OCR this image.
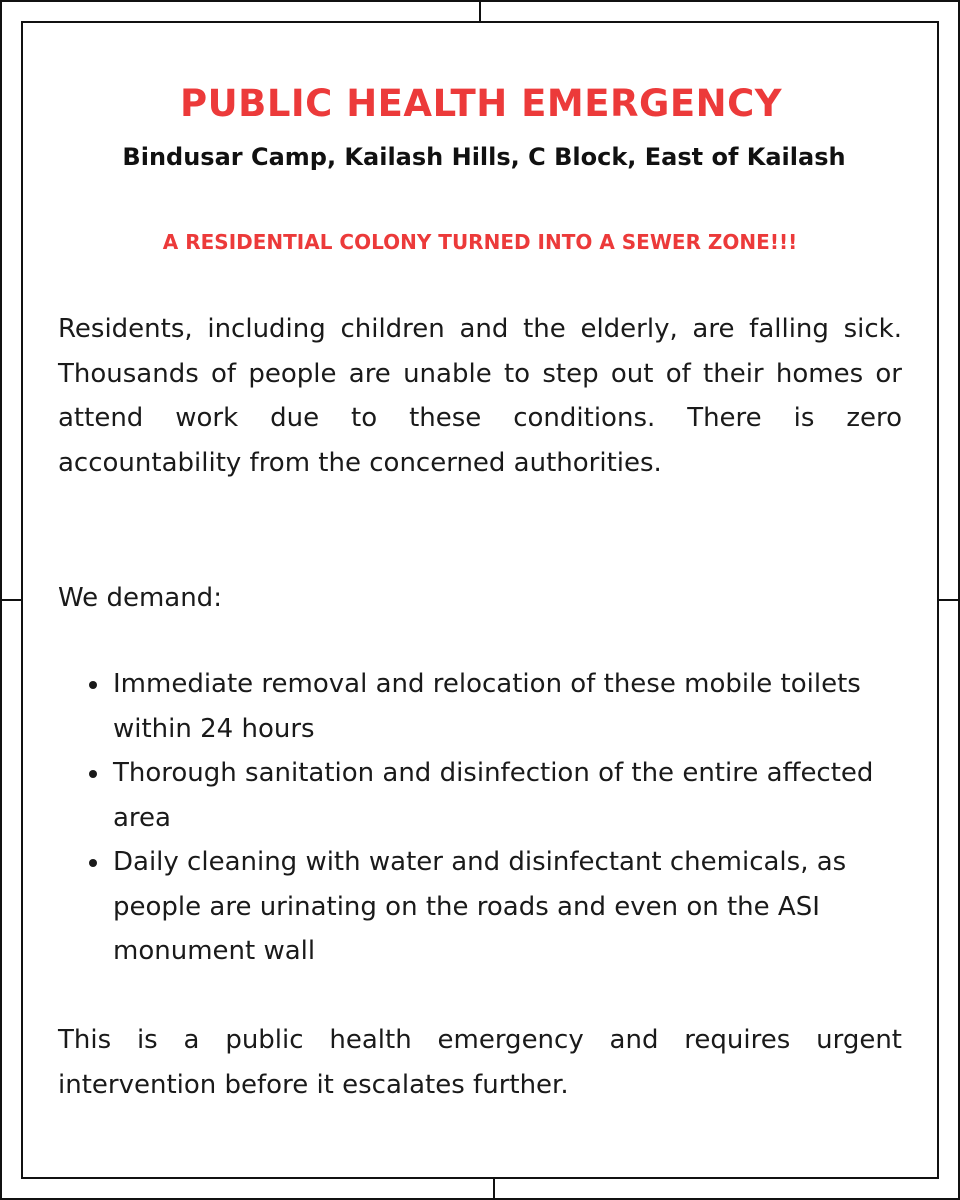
PUBLIC HEALTH EMERGENCY
Bindusar Camp, Kailash Hills, C Block, East of Kailash
A RESIDENTIAL COLONY TURNED INTO A SEWER ZONE!!!

Residents, including children and the elderly, are falling sick. Thousands of people are unable to step out of their homes or attend work due to these conditions. There is zero accountability from the concerned authorities.

We demand:

Immediate removal and relocation of these mobile toilets within 24 hours
Thorough sanitation and disinfection of the entire affected area
Daily cleaning with water and disinfectant chemicals, as people are urinating on the roads and even on the ASI monument wall

This is a public health emergency and requires urgent intervention before it escalates further.
